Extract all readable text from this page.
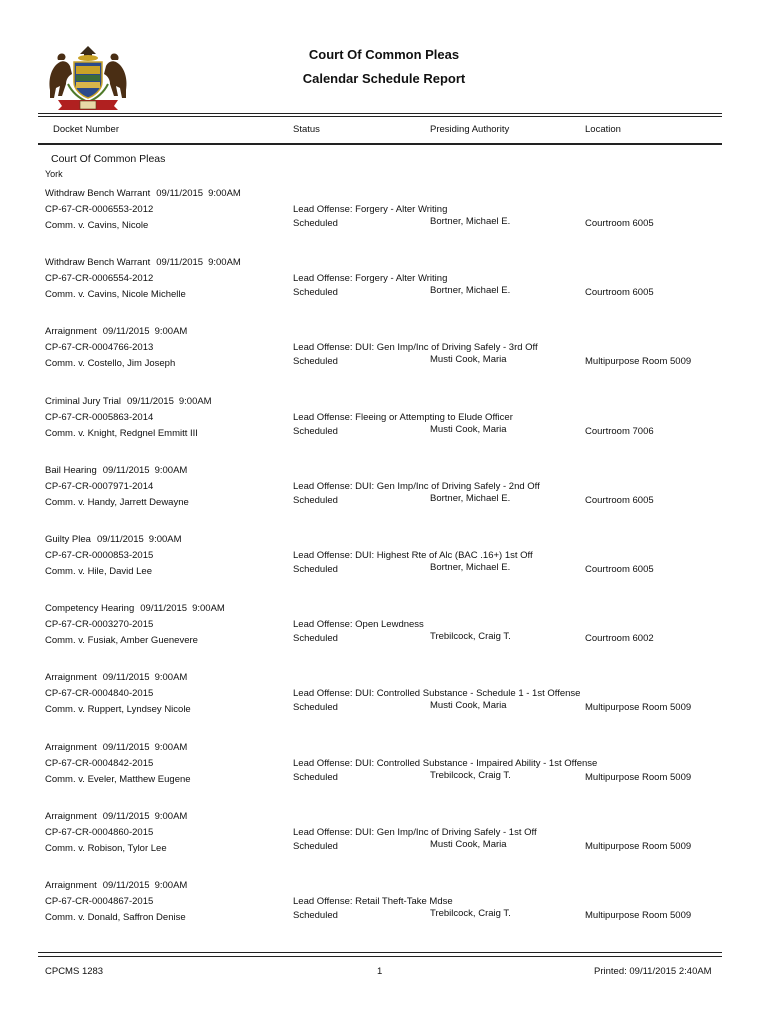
Court Of Common Pleas
Calendar Schedule Report
Docket Number	Status	Presiding Authority	Location
Court Of Common Pleas
York
Withdraw Bench Warrant 09/11/2015 9:00AM
CP-67-CR-0006553-2012
Comm. v. Cavins, Nicole
Lead Offense: Forgery - Alter Writing
Scheduled	Bortner, Michael E.	Courtroom 6005
Withdraw Bench Warrant 09/11/2015 9:00AM
CP-67-CR-0006554-2012
Comm. v. Cavins, Nicole Michelle
Lead Offense: Forgery - Alter Writing
Scheduled	Bortner, Michael E.	Courtroom 6005
Arraignment 09/11/2015 9:00AM
CP-67-CR-0004766-2013
Comm. v. Costello, Jim Joseph
Lead Offense: DUI: Gen Imp/Inc of Driving Safely - 3rd Off
Scheduled	Musti Cook, Maria	Multipurpose Room 5009
Criminal Jury Trial 09/11/2015 9:00AM
CP-67-CR-0005863-2014
Comm. v. Knight, Redgnel Emmitt III
Lead Offense: Fleeing or Attempting to Elude Officer
Scheduled	Musti Cook, Maria	Courtroom 7006
Bail Hearing 09/11/2015 9:00AM
CP-67-CR-0007971-2014
Comm. v. Handy, Jarrett Dewayne
Lead Offense: DUI: Gen Imp/Inc of Driving Safely - 2nd Off
Scheduled	Bortner, Michael E.	Courtroom 6005
Guilty Plea 09/11/2015 9:00AM
CP-67-CR-0000853-2015
Comm. v. Hile, David Lee
Lead Offense: DUI: Highest Rte of Alc (BAC .16+) 1st Off
Scheduled	Bortner, Michael E.	Courtroom 6005
Competency Hearing 09/11/2015 9:00AM
CP-67-CR-0003270-2015
Comm. v. Fusiak, Amber Guenevere
Lead Offense: Open Lewdness
Scheduled	Trebilcock, Craig T.	Courtroom 6002
Arraignment 09/11/2015 9:00AM
CP-67-CR-0004840-2015
Comm. v. Ruppert, Lyndsey Nicole
Lead Offense: DUI: Controlled Substance - Schedule 1 - 1st Offense
Scheduled	Musti Cook, Maria	Multipurpose Room 5009
Arraignment 09/11/2015 9:00AM
CP-67-CR-0004842-2015
Comm. v. Eveler, Matthew Eugene
Lead Offense: DUI: Controlled Substance - Impaired Ability - 1st Offense
Scheduled	Trebilcock, Craig T.	Multipurpose Room 5009
Arraignment 09/11/2015 9:00AM
CP-67-CR-0004860-2015
Comm. v. Robison, Tylor Lee
Lead Offense: DUI: Gen Imp/Inc of Driving Safely - 1st Off
Scheduled	Musti Cook, Maria	Multipurpose Room 5009
Arraignment 09/11/2015 9:00AM
CP-67-CR-0004867-2015
Comm. v. Donald, Saffron Denise
Lead Offense: Retail Theft-Take Mdse
Scheduled	Trebilcock, Craig T.	Multipurpose Room 5009
CPCMS 1283	1	Printed: 09/11/2015 2:40AM
